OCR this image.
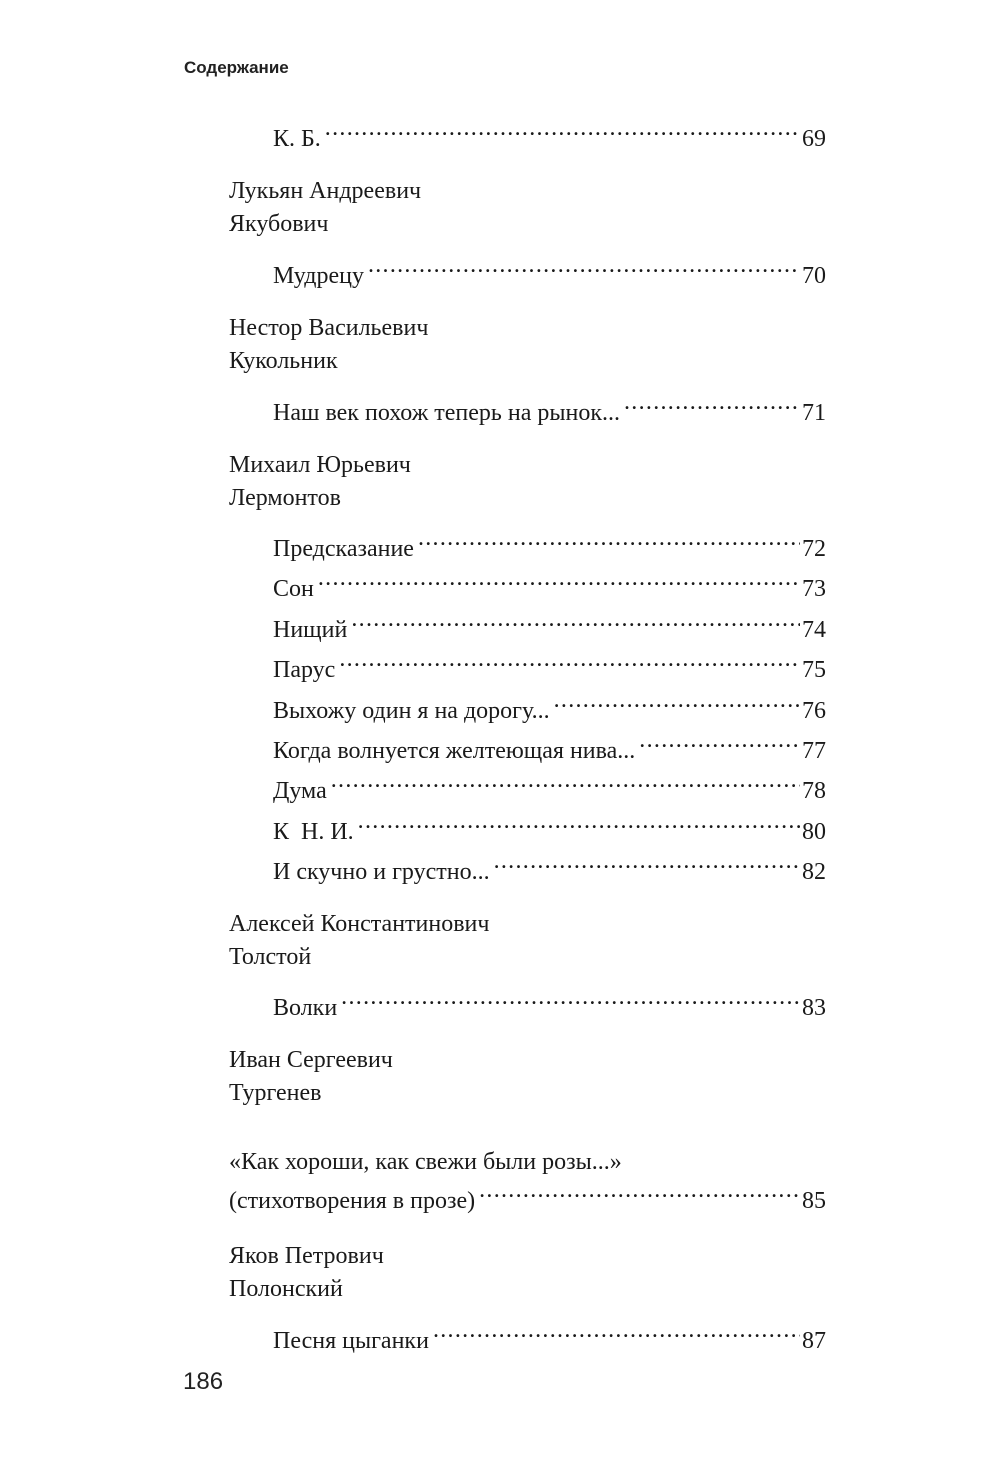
Содержание
К. Б. .....	69
Лукьян Андреевич
Якубович
Мудрецу .....	70
Нестор Васильевич
Кукольник
Наш век похож теперь на рынок... .....	71
Михаил Юрьевич
Лермонтов
Предсказание .....	72
Сон .....	73
Нищий .....	74
Парус .....	75
Выхожу один я на дорогу... .....	76
Когда волнуется желтеющая нива... .....	77
Дума .....	78
К  Н. И. .....	80
И скучно и грустно... .....	82
Алексей Константинович
Толстой
Волки .....	83
Иван Сергеевич
Тургенев
«Как хороши, как свежи были розы...»
(стихотворения в прозе) .....	85
Яков Петрович
Полонский
Песня цыганки .....	87
186
